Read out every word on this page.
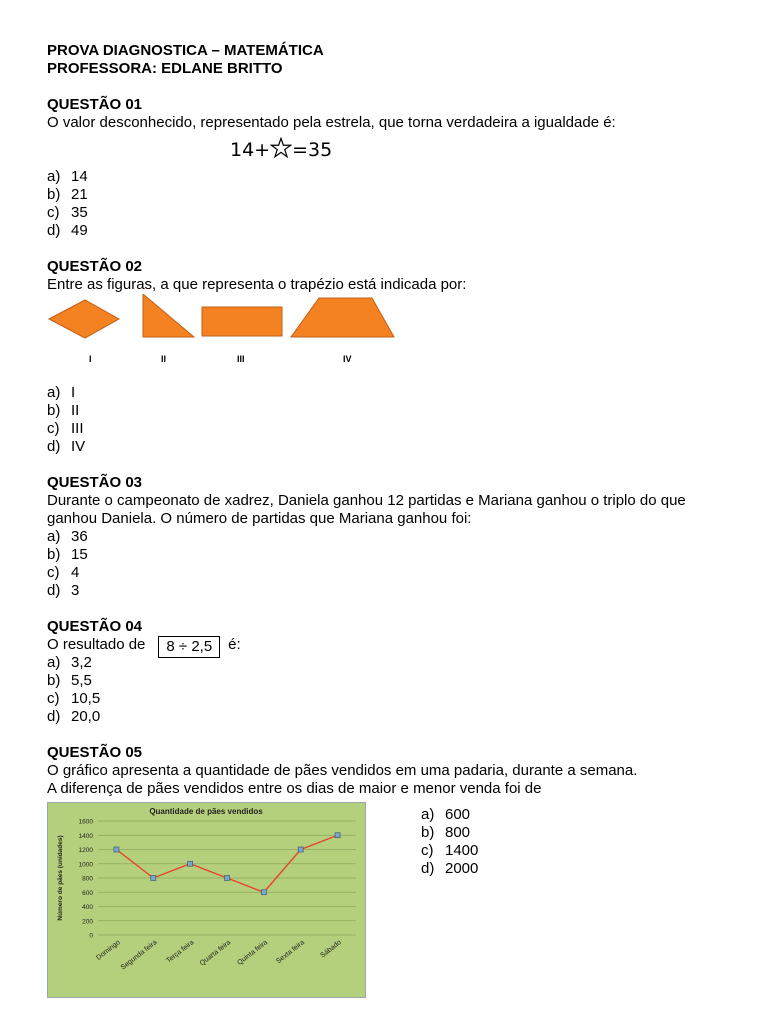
PROVA DIAGNOSTICA – MATEMÁTICA
PROFESSORA: EDLANE BRITTO
QUESTÃO 01
O valor desconhecido, representado pela estrela, que torna verdadeira a igualdade é:
14+ =35
a) 14
b) 21
c) 35
d) 49
QUESTÃO 02
Entre as figuras, a que representa o trapézio está indicada por:
I	II	III	IV
a) I
b) II
c) III
d) IV
QUESTÃO 03
Durante o campeonato de xadrez, Daniela ganhou 12 partidas e Mariana ganhou o triplo do que ganhou Daniela. O número de partidas que Mariana ganhou foi:
a) 36
b) 15
c) 4
d) 3
QUESTÃO 04
O resultado de 8 ÷ 2,5 é:
a) 3,2
b) 5,5
c) 10,5
d) 20,0
QUESTÃO 05
O gráfico apresenta a quantidade de pães vendidos em uma padaria, durante a semana.
A diferença de pães vendidos entre os dias de maior e menor venda foi de
Quantidade de pães vendidos
0
200
400
600
800
1000
1200
1400
1600
Número de pães (unidades)
Domingo
Segunda feira Terça feira Quarta feira Quinta feira Sexta feira Sábado
a) 600
b) 800
c) 1400
d) 2000
